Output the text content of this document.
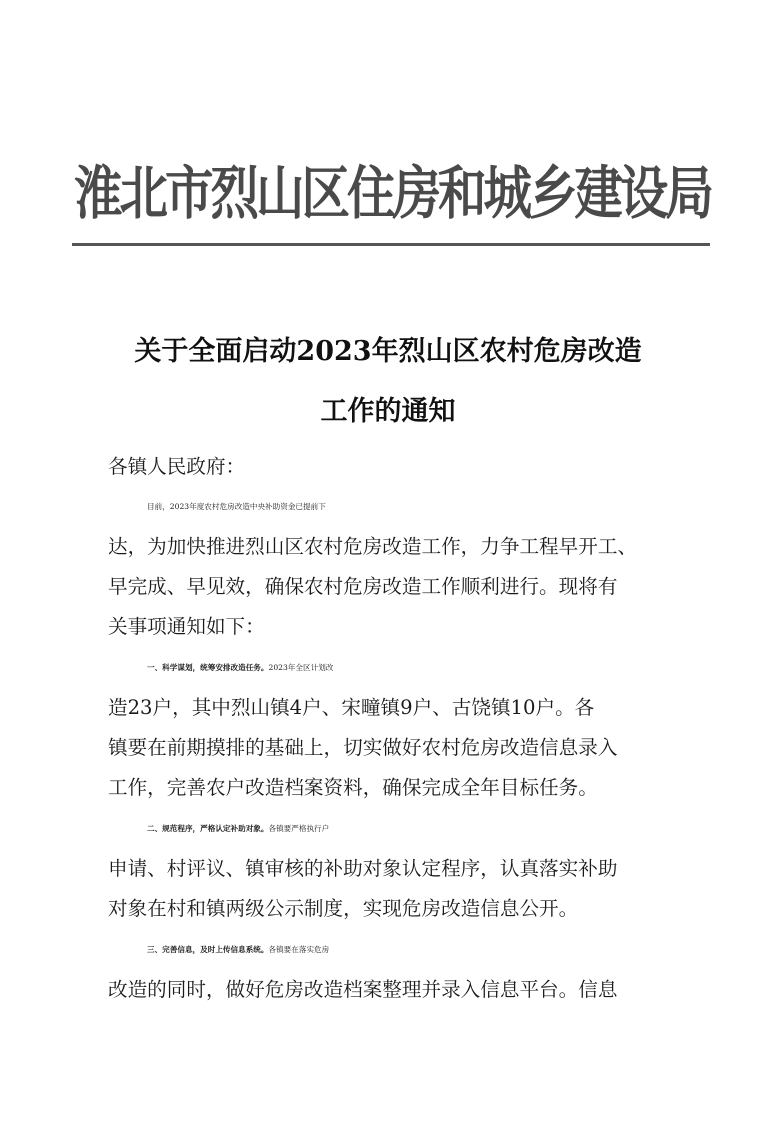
淮北市烈山区住房和城乡建设局
关于全面启动2023年烈山区农村危房改造
工作的通知
各镇人民政府：
目前，2023年度农村危房改造中央补助资金已提前下
达，为加快推进烈山区农村危房改造工作，力争工程早开工、
早完成、早见效，确保农村危房改造工作顺利进行。现将有
关事项通知如下：
一、科学谋划，统筹安排改造任务。2023年全区计划改
造23户，其中烈山镇4户、宋疃镇9户、古饶镇10户。各
镇要在前期摸排的基础上，切实做好农村危房改造信息录入
工作，完善农户改造档案资料，确保完成全年目标任务。
二、规范程序，严格认定补助对象。各镇要严格执行户
申请、村评议、镇审核的补助对象认定程序，认真落实补助
对象在村和镇两级公示制度，实现危房改造信息公开。
三、完善信息，及时上传信息系统。各镇要在落实危房
改造的同时，做好危房改造档案整理并录入信息平台。信息
